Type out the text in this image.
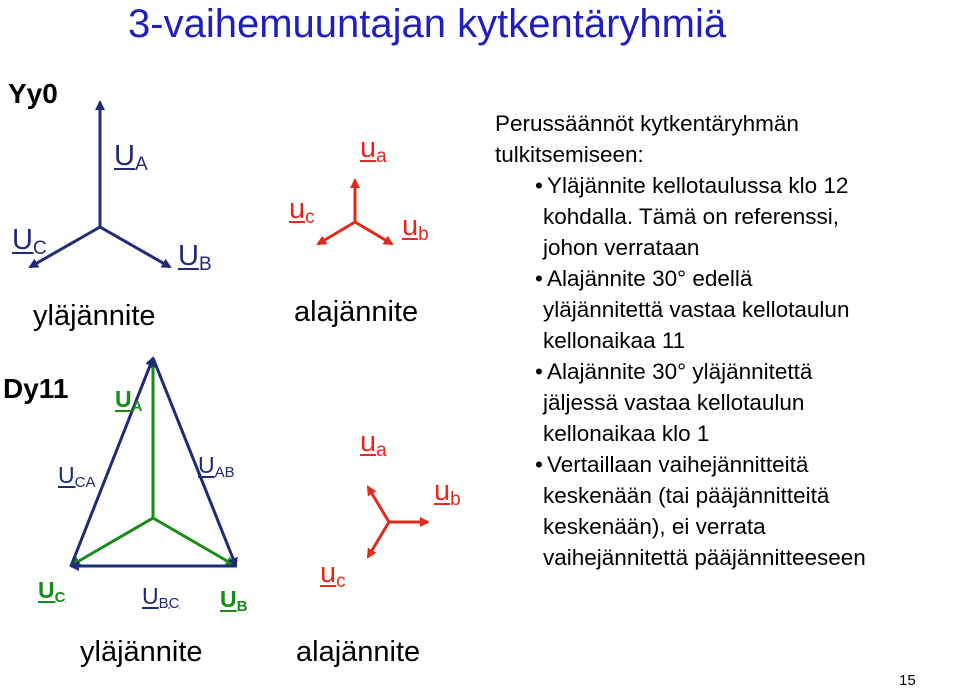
3-vaihemuuntajan kytkentäryhmiä
Yy0
$U_A$
$U_B$
$U_C$
yläjännite
$u_a$
$u_b$
$u_c$
alajännite
Dy11 $U_A$
$U_B$
$U_C$
$U_{AB}$
$U_{BC}$
$U_{CA}$
yläjännite
$u_a$
$u_b$
$u_c$
alajännite
Perussäännöt kytkentäryhmän
tulkitsemiseen:
• Yläjännite kellotaulussa klo 12
kohdalla. Tämä on referenssi,
johon verrataan
• Alajännite 30° edellä
yläjännitettä vastaa kellotaulun
kellonaikaa 11
• Alajännite 30° yläjännitettä
jäljessä vastaa kellotaulun
kellonaikaa klo 1
• Vertaillaan vaihejännitteitä
keskenään (tai pääjännitteitä
keskenään), ei verrata
vaihejännitettä pääjännitteeseen
15
